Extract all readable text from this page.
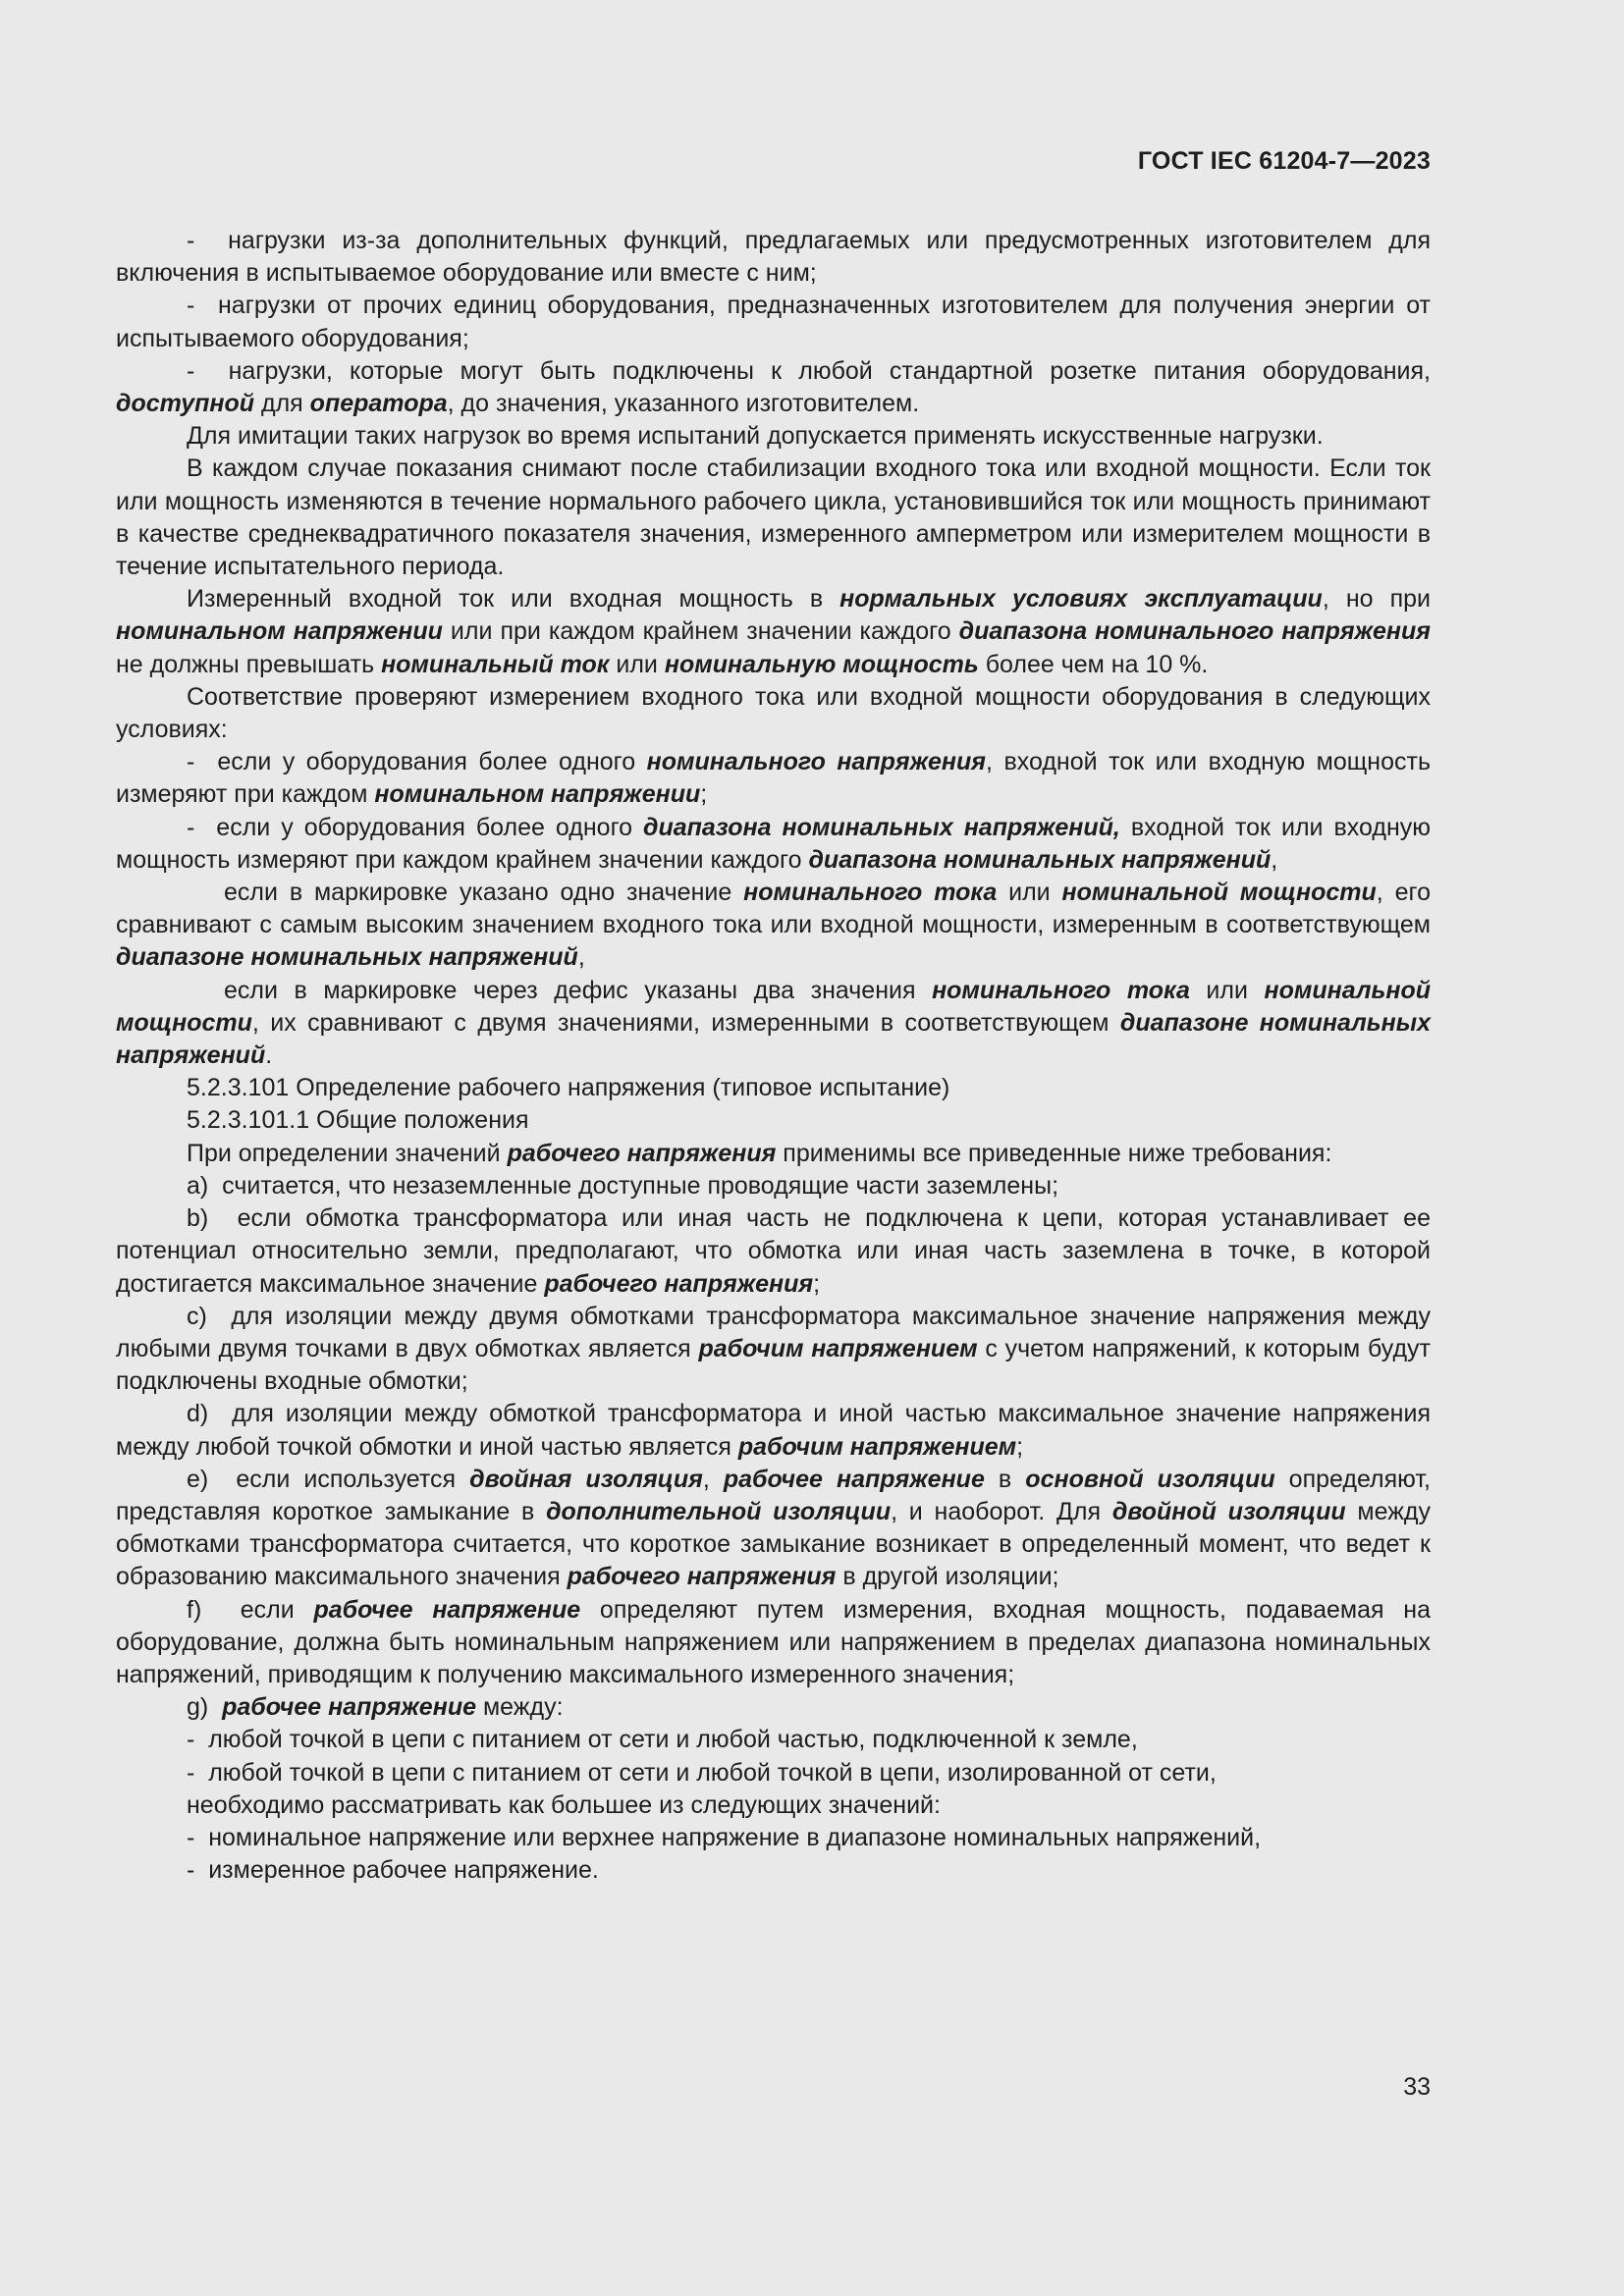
ГОСТ IEC 61204-7—2023

-  нагрузки из-за дополнительных функций, предлагаемых или предусмотренных изготовителем для включения в испытываемое оборудование или вместе с ним;

-  нагрузки от прочих единиц оборудования, предназначенных изготовителем для получения энергии от испытываемого оборудования;

-  нагрузки, которые могут быть подключены к любой стандартной розетке питания оборудования, доступной для оператора, до значения, указанного изготовителем.

Для имитации таких нагрузок во время испытаний допускается применять искусственные нагрузки.

В каждом случае показания снимают после стабилизации входного тока или входной мощности. Если ток или мощность изменяются в течение нормального рабочего цикла, установившийся ток или мощность принимают в качестве среднеквадратичного показателя значения, измеренного амперметром или измерителем мощности в течение испытательного периода.

Измеренный входной ток или входная мощность в нормальных условиях эксплуатации, но при номинальном напряжении или при каждом крайнем значении каждого диапазона номинального напряжения не должны превышать номинальный ток или номинальную мощность более чем на 10 %.

Соответствие проверяют измерением входного тока или входной мощности оборудования в следующих условиях:

-  если у оборудования более одного номинального напряжения, входной ток или входную мощность измеряют при каждом номинальном напряжении;

-  если у оборудования более одного диапазона номинальных напряжений, входной ток или входную мощность измеряют при каждом крайнем значении каждого диапазона номинальных напряжений,

если в маркировке указано одно значение номинального тока или номинальной мощности, его сравнивают с самым высоким значением входного тока или входной мощности, измеренным в соответствующем диапазоне номинальных напряжений,

если в маркировке через дефис указаны два значения номинального тока или номинальной мощности, их сравнивают с двумя значениями, измеренными в соответствующем диапазоне номинальных напряжений.

5.2.3.101 Определение рабочего напряжения (типовое испытание)

5.2.3.101.1 Общие положения

При определении значений рабочего напряжения применимы все приведенные ниже требования:

a)  считается, что незаземленные доступные проводящие части заземлены;

b)  если обмотка трансформатора или иная часть не подключена к цепи, которая устанавливает ее потенциал относительно земли, предполагают, что обмотка или иная часть заземлена в точке, в которой достигается максимальное значение рабочего напряжения;

c)  для изоляции между двумя обмотками трансформатора максимальное значение напряжения между любыми двумя точками в двух обмотках является рабочим напряжением с учетом напряжений, к которым будут подключены входные обмотки;

d)  для изоляции между обмоткой трансформатора и иной частью максимальное значение напряжения между любой точкой обмотки и иной частью является рабочим напряжением;

e)  если используется двойная изоляция, рабочее напряжение в основной изоляции определяют, представляя короткое замыкание в дополнительной изоляции, и наоборот. Для двойной изоляции между обмотками трансформатора считается, что короткое замыкание возникает в определенный момент, что ведет к образованию максимального значения рабочего напряжения в другой изоляции;

f)  если рабочее напряжение определяют путем измерения, входная мощность, подаваемая на оборудование, должна быть номинальным напряжением или напряжением в пределах диапазона номинальных напряжений, приводящим к получению максимального измеренного значения;

g)  рабочее напряжение между:

-  любой точкой в цепи с питанием от сети и любой частью, подключенной к земле,

-  любой точкой в цепи с питанием от сети и любой точкой в цепи, изолированной от сети,

необходимо рассматривать как большее из следующих значений:

-  номинальное напряжение или верхнее напряжение в диапазоне номинальных напряжений,

-  измеренное рабочее напряжение.

33
